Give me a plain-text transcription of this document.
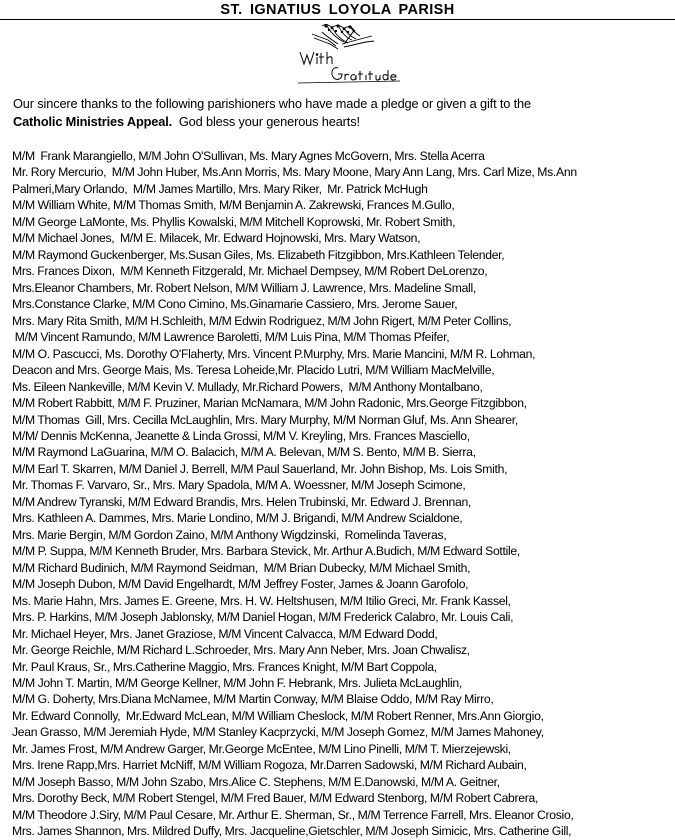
ST. IGNATIUS LOYOLA PARISH
Our sincere thanks to the following parishioners who have made a pledge or given a gift to the
Catholic Ministries Appeal.  God bless your generous hearts!
M/M  Frank Marangiello, M/M John O'Sullivan, Ms. Mary Agnes McGovern, Mrs. Stella Acerra
Mr. Rory Mercurio,  M/M John Huber, Ms.Ann Morris, Ms. Mary Moone, Mary Ann Lang, Mrs. Carl Mize, Ms.Ann
Palmeri,Mary Orlando,  M/M James Martillo, Mrs. Mary Riker,  Mr. Patrick McHugh
M/M William White, M/M Thomas Smith, M/M Benjamin A. Zakrewski, Frances M.Gullo,
M/M George LaMonte, Ms. Phyllis Kowalski, M/M Mitchell Koprowski, Mr. Robert Smith,
M/M Michael Jones,  M/M E. Milacek, Mr. Edward Hojnowski, Mrs. Mary Watson,
M/M Raymond Guckenberger, Ms.Susan Giles, Ms. Elizabeth Fitzgibbon, Mrs.Kathleen Telender,
Mrs. Frances Dixon,  M/M Kenneth Fitzgerald, Mr. Michael Dempsey, M/M Robert DeLorenzo,
Mrs.Eleanor Chambers, Mr. Robert Nelson, M/M William J. Lawrence, Mrs. Madeline Small,
Mrs.Constance Clarke, M/M Cono Cimino, Ms.Ginamarie Cassiero, Mrs. Jerome Sauer,
Mrs. Mary Rita Smith, M/M H.Schleith, M/M Edwin Rodriguez, M/M John Rigert, M/M Peter Collins,
M/M Vincent Ramundo, M/M Lawrence Baroletti, M/M Luis Pina, M/M Thomas Pfeifer,
M/M O. Pascucci, Ms. Dorothy O'Flaherty, Mrs. Vincent P.Murphy, Mrs. Marie Mancini, M/M R. Lohman,
Deacon and Mrs. George Mais, Ms. Teresa Loheide,Mr. Placido Lutri, M/M William MacMelville,
Ms. Eileen Nankeville, M/M Kevin V. Mullady, Mr.Richard Powers,  M/M Anthony Montalbano,
M/M Robert Rabbitt, M/M F. Pruziner, Marian McNamara, M/M John Radonic, Mrs.George Fitzgibbon,
M/M Thomas  Gill, Mrs. Cecilla McLaughlin, Mrs. Mary Murphy, M/M Norman Gluf, Ms. Ann Shearer,
M/M/ Dennis McKenna, Jeanette & Linda Grossi, M/M V. Kreyling, Mrs. Frances Masciello,
M/M Raymond LaGuarina, M/M O. Balacich, M/M A. Belevan, M/M S. Bento, M/M B. Sierra,
M/M Earl T. Skarren, M/M Daniel J. Berrell, M/M Paul Sauerland, Mr. John Bishop, Ms. Lois Smith,
Mr. Thomas F. Varvaro, Sr., Mrs. Mary Spadola, M/M A. Woessner, M/M Joseph Scimone,
M/M Andrew Tyranski, M/M Edward Brandis, Mrs. Helen Trubinski, Mr. Edward J. Brennan,
Mrs. Kathleen A. Dammes, Mrs. Marie Londino, M/M J. Brigandi, M/M Andrew Scialdone,
Mrs. Marie Bergin, M/M Gordon Zaino, M/M Anthony Wigdzinski,  Romelinda Taveras,
M/M P. Suppa, M/M Kenneth Bruder, Mrs. Barbara Stevick, Mr. Arthur A.Budich, M/M Edward Sottile,
M/M Richard Budinich, M/M Raymond Seidman,  M/M Brian Dubecky, M/M Michael Smith,
M/M Joseph Dubon, M/M David Engelhardt, M/M Jeffrey Foster, James & Joann Garofolo,
Ms. Marie Hahn, Mrs. James E. Greene, Mrs. H. W. Heltshusen, M/M Itilio Greci, Mr. Frank Kassel,
Mrs. P. Harkins, M/M Joseph Jablonsky, M/M Daniel Hogan, M/M Frederick Calabro, Mr. Louis Cali,
Mr. Michael Heyer, Mrs. Janet Graziose, M/M Vincent Calvacca, M/M Edward Dodd,
Mr. George Reichle, M/M Richard L.Schroeder, Mrs. Mary Ann Neber, Mrs. Joan Chwalisz,
Mr. Paul Kraus, Sr., Mrs.Catherine Maggio, Mrs. Frances Knight, M/M Bart Coppola,
M/M John T. Martin, M/M George Kellner, M/M John F. Hebrank, Mrs. Julieta McLaughlin,
M/M G. Doherty, Mrs.Diana McNamee, M/M Martin Conway, M/M Blaise Oddo, M/M Ray Mirro,
Mr. Edward Connolly,  Mr.Edward McLean, M/M William Cheslock, M/M Robert Renner, Mrs.Ann Giorgio,
Jean Grasso, M/M Jeremiah Hyde, M/M Stanley Kacprzycki, M/M Joseph Gomez, M/M James Mahoney,
Mr. James Frost, M/M Andrew Garger, Mr.George McEntee, M/M Lino Pinelli, M/M T. Mierzejewski,
Mrs. Irene Rapp,Mrs. Harriet McNiff, M/M William Rogoza, Mr.Darren Sadowski, M/M Richard Aubain,
M/M Joseph Basso, M/M John Szabo, Mrs.Alice C. Stephens, M/M E.Danowski, M/M A. Geitner,
Mrs. Dorothy Beck, M/M Robert Stengel, M/M Fred Bauer, M/M Edward Stenborg, M/M Robert Cabrera,
M/M Theodore J.Siry, M/M Paul Cesare, Mr. Arthur E. Sherman, Sr., M/M Terrence Farrell, Mrs. Eleanor Crosio,
Mrs. James Shannon, Mrs. Mildred Duffy, Mrs. Jacqueline,Gietschler, M/M Joseph Simicic, Mrs. Catherine Gill,
